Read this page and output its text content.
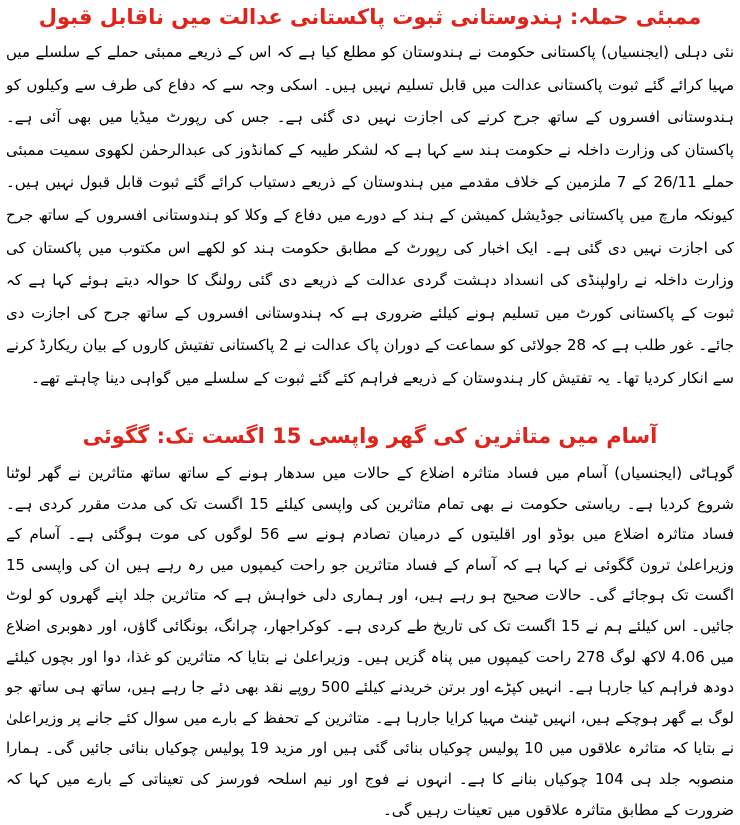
ممبئی حملہ: ہندوستانی ثبوت پاکستانی عدالت میں ناقابل قبول

نئی دہلی (ایجنسیاں) پاکستانی حکومت نے ہندوستان کو مطلع کیا ہے کہ اس کے ذریعے ممبئی حملے کے سلسلے میں مہیا کرائے گئے ثبوت پاکستانی عدالت میں قابل تسلیم نہیں ہیں۔ اسکی وجہ سے کہ دفاع کی طرف سے وکیلوں کو ہندوستانی افسروں کے ساتھ جرح کرنے کی اجازت نہیں دی گئی ہے۔ جس کی رپورٹ میڈیا میں بھی آئی ہے۔ پاکستان کی وزارت داخلہ نے حکومت ہند سے کہا ہے کہ لشکر طیبہ کے کمانڈوز کی عبدالرحمٰن لکھوی سمیت ممبئی حملے 26/11 کے 7 ملزمین کے خلاف مقدمے میں ہندوستان کے ذریعے دستیاب کرائے گئے ثبوت قابل قبول نہیں ہیں۔ کیونکہ مارچ میں پاکستانی جوڈیشل کمیشن کے ہند کے دورے میں دفاع کے وکلا کو ہندوستانی افسروں کے ساتھ جرح کی اجازت نہیں دی گئی ہے۔ ایک اخبار کی رپورٹ کے مطابق حکومت ہند کو لکھے اس مکتوب میں پاکستان کی وزارت داخلہ نے راولپنڈی کی انسداد دہشت گردی عدالت کے ذریعے دی گئی رولنگ کا حوالہ دیتے ہوئے کہا ہے کہ ثبوت کے پاکستانی کورٹ میں تسلیم ہونے کیلئے ضروری ہے کہ ہندوستانی افسروں کے ساتھ جرح کی اجازت دی جائے۔ غور طلب ہے کہ 28 جولائی کو سماعت کے دوران پاک عدالت نے 2 پاکستانی تفتیش کاروں کے بیان ریکارڈ کرنے سے انکار کردیا تھا۔ یہ تفتیش کار ہندوستان کے ذریعے فراہم کئے گئے ثبوت کے سلسلے میں گواہی دینا چاہتے تھے۔

آسام میں متاثرین کی گھر واپسی 15 اگست تک: گگوئی

گوہاٹی (ایجنسیاں) آسام میں فساد متاثرہ اضلاع کے حالات میں سدھار ہونے کے ساتھ ساتھ متاثرین نے گھر لوٹنا شروع کردیا ہے۔ ریاستی حکومت نے بھی تمام متاثرین کی واپسی کیلئے 15 اگست تک کی مدت مقرر کردی ہے۔ فساد متاثرہ اضلاع میں بوڈو اور اقلیتوں کے درمیان تصادم ہونے سے 56 لوگوں کی موت ہوگئی ہے۔ آسام کے وزیراعلیٰ ترون گگوئی نے کہا ہے کہ آسام کے فساد متاثرین جو راحت کیمپوں میں رہ رہے ہیں ان کی واپسی 15 اگست تک ہوجائے گی۔ حالات صحیح ہو رہے ہیں، اور ہماری دلی خواہش ہے کہ متاثرین جلد اپنے گھروں کو لوٹ جائیں۔ اس کیلئے ہم نے 15 اگست تک کی تاریخ طے کردی ہے۔ کوکراجھار، چرانگ، بونگائی گاؤں، اور دھوبری اضلاع میں 4.06 لاکھ لوگ 278 راحت کیمپوں میں پناہ گزیں ہیں۔ وزیراعلیٰ نے بتایا کہ متاثرین کو غذا، دوا اور بچوں کیلئے دودھ فراہم کیا جارہا ہے۔ انہیں کپڑے اور برتن خریدنے کیلئے 500 روپے نقد بھی دئے جا رہے ہیں، ساتھ ہی ساتھ جو لوگ بے گھر ہوچکے ہیں، انہیں ٹینٹ مہیا کرایا جارہا ہے۔ متاثرین کے تحفظ کے بارے میں سوال کئے جانے پر وزیراعلیٰ نے بتایا کہ متاثرہ علاقوں میں 10 پولیس چوکیاں بنائی گئی ہیں اور مزید 19 پولیس چوکیاں بنائی جائیں گی۔ ہمارا منصوبہ جلد ہی 104 چوکیاں بنانے کا ہے۔ انہوں نے فوج اور نیم اسلحہ فورسز کی تعیناتی کے بارے میں کہا کہ ضرورت کے مطابق متاثرہ علاقوں میں تعینات رہیں گی۔
